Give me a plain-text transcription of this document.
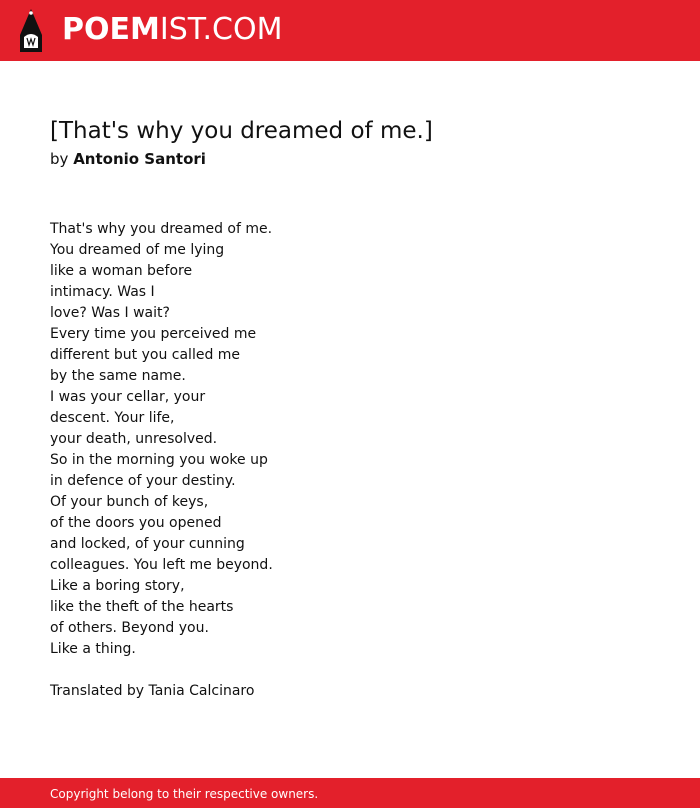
POEMIST.COM
[That's why you dreamed of me.]
by Antonio Santori
That's why you dreamed of me.
You dreamed of me lying
like a woman before
intimacy. Was I
love? Was I wait?
Every time you perceived me
different but you called me
by the same name.
I was your cellar, your
descent. Your life,
your death, unresolved.
So in the morning you woke up
in defence of your destiny.
Of your bunch of keys,
of the doors you opened
and locked, of your cunning
colleagues. You left me beyond.
Like a boring story,
like the theft of the hearts
of others. Beyond you.
Like a thing.
Translated by Tania Calcinaro
Copyright belong to their respective owners.
